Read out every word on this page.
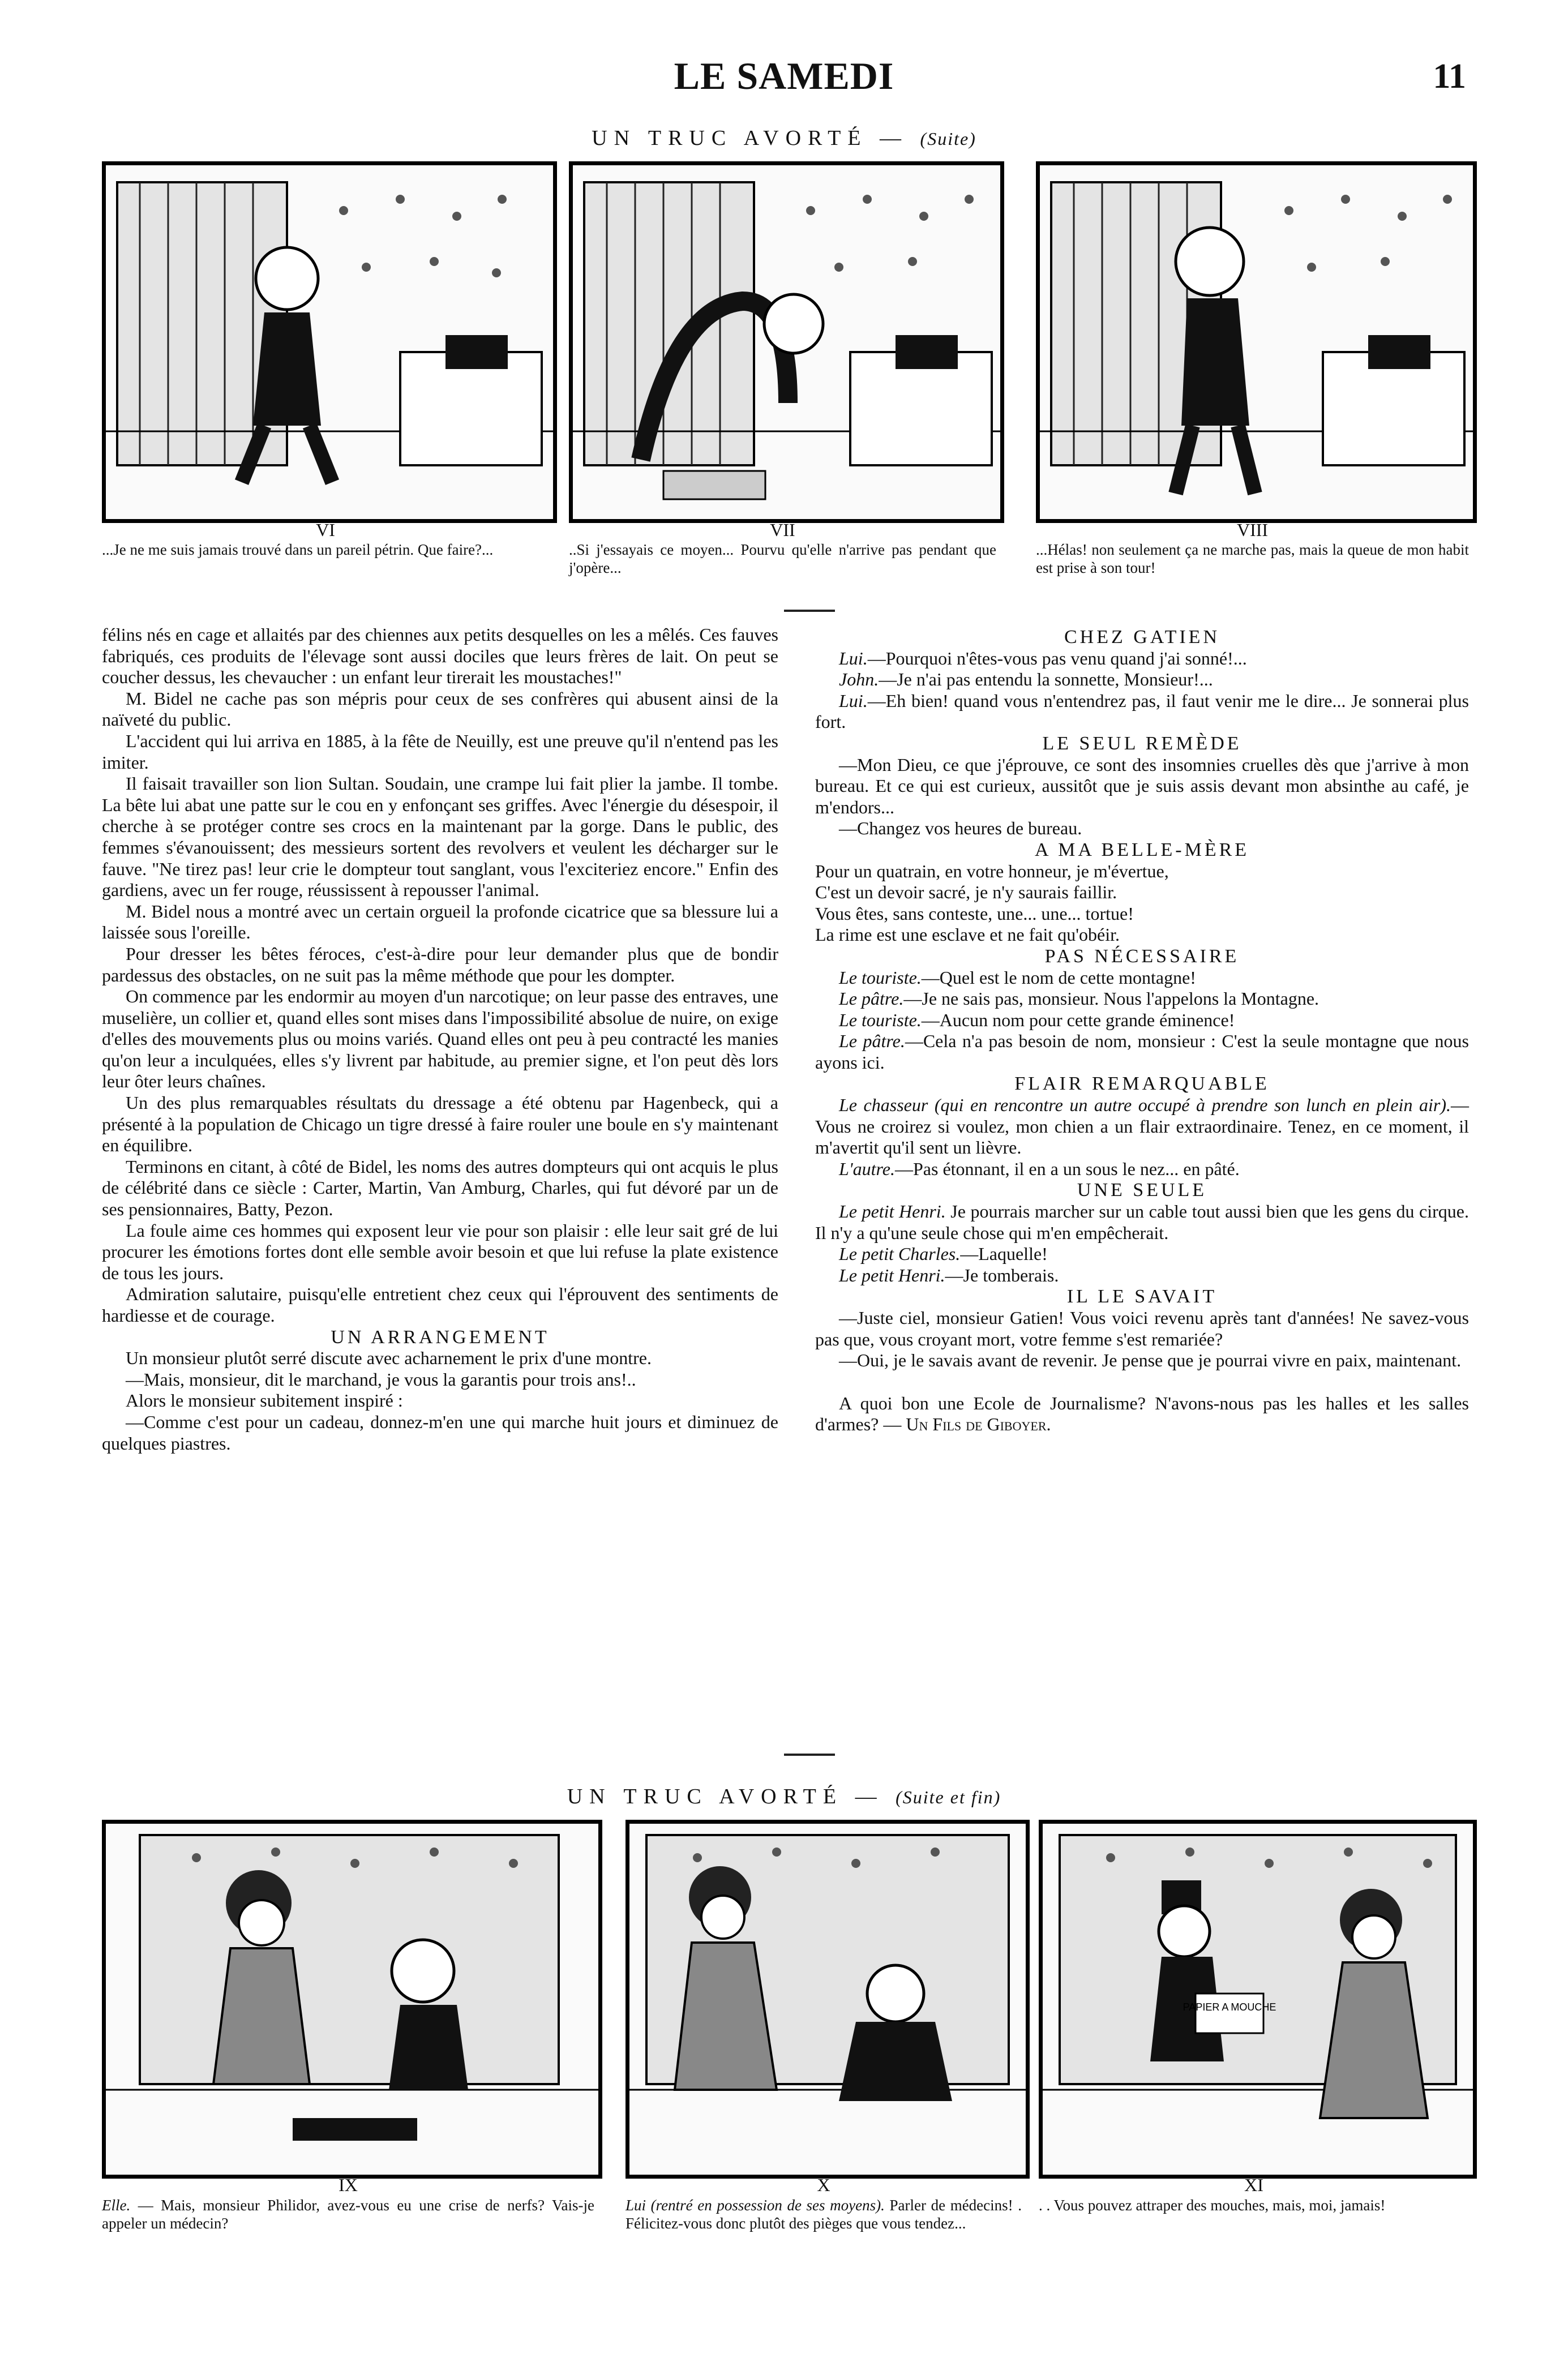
LE SAMEDI	11
UN TRUC AVORTÉ — (Suite)
VI	VII	VIII
...Je ne me suis jamais trouvé dans un pareil pétrin. Que faire?...	..Si j'essayais ce moyen... Pourvu qu'elle n'arrive pas pendant que j'opère...
...Hélas! non seulement ça ne marche pas, mais la queue de mon habit est prise à son tour!

félins nés en cage et allaités par des chiennes aux petits desquelles on les a mêlés. Ces fauves fabriqués, ces produits de l'élevage sont aussi dociles que leurs frères de lait. On peut se coucher dessus, les chevaucher : un enfant leur tirerait les moustaches!"

M. Bidel ne cache pas son mépris pour ceux de ses confrères qui abusent ainsi de la naïveté du public.

L'accident qui lui arriva en 1885, à la fête de Neuilly, est une preuve qu'il n'entend pas les imiter.

Il faisait travailler son lion Sultan. Soudain, une crampe lui fait plier la jambe. Il tombe. La bête lui abat une patte sur le cou en y enfonçant ses griffes. Avec l'énergie du désespoir, il cherche à se protéger contre ses crocs en la maintenant par la gorge. Dans le public, des femmes s'évanouissent; des messieurs sortent des revolvers et veulent les décharger sur le fauve. "Ne tirez pas! leur crie le dompteur tout sanglant, vous l'exciteriez encore." Enfin des gardiens, avec un fer rouge, réussissent à repousser l'animal.

M. Bidel nous a montré avec un certain orgueil la profonde cicatrice que sa blessure lui a laissée sous l'oreille.

Pour dresser les bêtes féroces, c'est-à-dire pour leur demander plus que de bondir pardessus des obstacles, on ne suit pas la même méthode que pour les dompter.

On commence par les endormir au moyen d'un narcotique; on leur passe des entraves, une muselière, un collier et, quand elles sont mises dans l'impossibilité absolue de nuire, on exige d'elles des mouvements plus ou moins variés. Quand elles ont peu à peu contracté les manies qu'on leur a inculquées, elles s'y livrent par habitude, au premier signe, et l'on peut dès lors leur ôter leurs chaînes.

Un des plus remarquables résultats du dressage a été obtenu par Hagenbeck, qui a présenté à la population de Chicago un tigre dressé à faire rouler une boule en s'y maintenant en équilibre.

Terminons en citant, à côté de Bidel, les noms des autres dompteurs qui ont acquis le plus de célébrité dans ce siècle : Carter, Martin, Van Amburg, Charles, qui fut dévoré par un de ses pensionnaires, Batty, Pezon.

La foule aime ces hommes qui exposent leur vie pour son plaisir : elle leur sait gré de lui procurer les émotions fortes dont elle semble avoir besoin et que lui refuse la plate existence de tous les jours.

Admiration salutaire, puisqu'elle entretient chez ceux qui l'éprouvent des sentiments de hardiesse et de courage.

UN ARRANGEMENT

Un monsieur plutôt serré discute avec acharnement le prix d'une montre.

—Mais, monsieur, dit le marchand, je vous la garantis pour trois ans!..

Alors le monsieur subitement inspiré :

—Comme c'est pour un cadeau, donnez-m'en une qui marche huit jours et diminuez de quelques piastres.

CHEZ GATIEN

Lui.—Pourquoi n'êtes-vous pas venu quand j'ai sonné!...

John.—Je n'ai pas entendu la sonnette, Monsieur!...

Lui.—Eh bien! quand vous n'entendrez pas, il faut venir me le dire... Je sonnerai plus fort.

LE SEUL REMÈDE

—Mon Dieu, ce que j'éprouve, ce sont des insomnies cruelles dès que j'arrive à mon bureau. Et ce qui est curieux, aussitôt que je suis assis devant mon absinthe au café, je m'endors...

—Changez vos heures de bureau.

A MA BELLE-MÈRE

Pour un quatrain, en votre honneur, je m'évertue,

C'est un devoir sacré, je n'y saurais faillir.

Vous êtes, sans conteste, une... une... tortue!

La rime est une esclave et ne fait qu'obéir.

PAS NÉCESSAIRE

Le touriste.—Quel est le nom de cette montagne!

Le pâtre.—Je ne sais pas, monsieur. Nous l'appelons la Montagne.

Le touriste.—Aucun nom pour cette grande éminence!

Le pâtre.—Cela n'a pas besoin de nom, monsieur : C'est la seule montagne que nous ayons ici.

FLAIR REMARQUABLE

Le chasseur (qui en rencontre un autre occupé à prendre son lunch en plein air).—Vous ne croirez si voulez, mon chien a un flair extraordinaire. Tenez, en ce moment, il m'avertit qu'il sent un lièvre.

L'autre.—Pas étonnant, il en a un sous le nez... en pâté.

UNE SEULE

Le petit Henri. Je pourrais marcher sur un cable tout aussi bien que les gens du cirque. Il n'y a qu'une seule chose qui m'en empêcherait.

Le petit Charles.—Laquelle!

Le petit Henri.—Je tomberais.

IL LE SAVAIT

—Juste ciel, monsieur Gatien! Vous voici revenu après tant d'années! Ne savez-vous pas que, vous croyant mort, votre femme s'est remariée?

—Oui, je le savais avant de revenir. Je pense que je pourrai vivre en paix, maintenant.

A quoi bon une Ecole de Journalisme? N'avons-nous pas les halles et les salles d'armes? — Un Fils de Giboyer.

UN TRUC AVORTÉ — (Suite et fin)
PAPIER A MOUCHE
IX	X	XI
Elle. — Mais, monsieur Philidor, avez-vous eu une crise de nerfs? Vais-je appeler un médecin?
Lui (rentré en possession de ses moyens). Parler de médecins! . Félicitez-vous donc plutôt des pièges que vous tendez...
. . Vous pouvez attraper des mouches, mais, moi, jamais!
